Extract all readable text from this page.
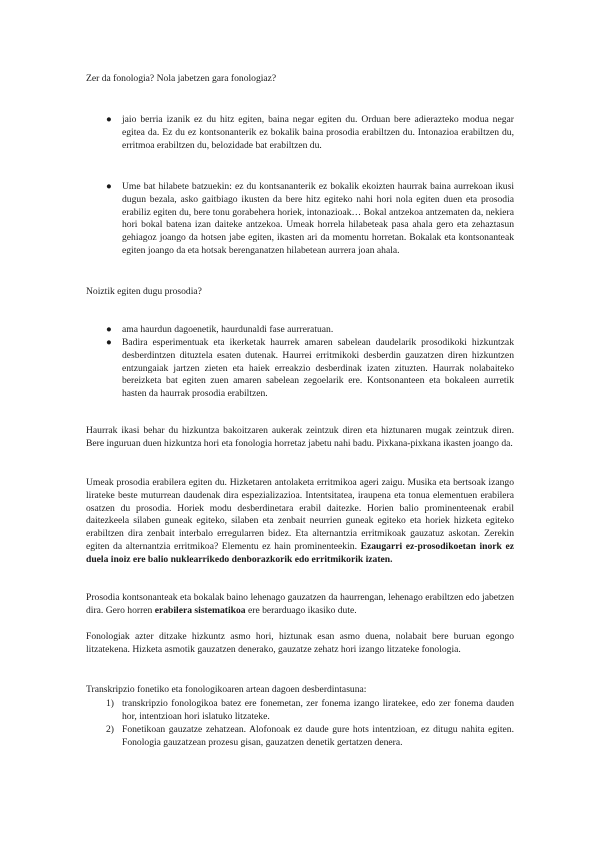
Zer da fonologia? Nola jabetzen gara fonologiaz?

● jaio berria izanik ez du hitz egiten, baina negar egiten du. Orduan bere adierazteko modua negar egitea da. Ez du ez kontsonanterik ez bokalik baina prosodia erabiltzen du. Intonazioa erabiltzen du, erritmoa erabiltzen du, belozidade bat erabiltzen du.

● Ume bat hilabete batzuekin: ez du kontsananterik ez bokalik ekoizten haurrak baina aurrekoan ikusi dugun bezala, asko gaitbiago ikusten da bere hitz egiteko nahi hori nola egiten duen eta prosodia erabiliz egiten du, bere tonu gorabehera horiek, intonazioak… Bokal antzekoa antzematen da, nekiera hori bokal batena izan daiteke antzekoa. Umeak horrela hilabeteak pasa ahala gero eta zehaztasun gehiagoz joango da hotsen jabe egiten, ikasten ari da momentu horretan. Bokalak eta kontsonanteak egiten joango da eta hotsak berenganatzen hilabetean aurrera joan ahala.

Noiztik egiten dugu prosodia?

● ama haurdun dagoenetik, haurdunaldi fase aurreratuan.

● Badira esperimentuak eta ikerketak haurrek amaren sabelean daudelarik prosodikoki hizkuntzak desberdintzen dituztela esaten dutenak. Haurrei erritmikoki desberdin gauzatzen diren hizkuntzen entzungaiak jartzen zieten eta haiek erreakzio desberdinak izaten zituzten. Haurrak nolabaiteko bereizketa bat egiten zuen amaren sabelean zegoelarik ere. Kontsonanteen eta bokaleen aurretik hasten da haurrak prosodia erabiltzen.

Haurrak ikasi behar du hizkuntza bakoitzaren aukerak zeintzuk diren eta hiztunaren mugak zeintzuk diren. Bere inguruan duen hizkuntza hori eta fonologia horretaz jabetu nahi badu. Pixkana-pixkana ikasten joango da.

Umeak prosodia erabilera egiten du. Hizketaren antolaketa erritmikoa ageri zaigu. Musika eta bertsoak izango lirateke beste muturrean daudenak dira espezializazioa. Intentsitatea, iraupena eta tonua elementuen erabilera osatzen du prosodia. Horiek modu desberdinetara erabil daitezke. Horien balio prominenteenak erabil daitezkeela silaben guneak egiteko, silaben eta zenbait neurrien guneak egiteko eta horiek hizketa egiteko erabiltzen dira zenbait interbalo erregularren bidez. Eta alternantzia erritmikoak gauzatuz askotan. Zerekin egiten da alternantzia erritmikoa? Elementu ez hain prominenteekin. Ezaugarri ez-prosodikoetan inork ez duela inoiz ere balio nuklearrikedo denborazkorik edo erritmikorik izaten.

Prosodia kontsonanteak eta bokalak baino lehenago gauzatzen da haurrengan, lehenago erabiltzen edo jabetzen dira. Gero horren erabilera sistematikoa ere berarduago ikasiko dute.

Fonologiak azter ditzake hizkuntz asmo hori, hiztunak esan asmo duena, nolabait bere buruan egongo litzatekena. Hizketa asmotik gauzatzen denerako, gauzatze zehatz hori izango litzateke fonologia.

Transkripzio fonetiko eta fonologikoaren artean dagoen desberdintasuna:

1) transkripzio fonologikoa batez ere fonemetan, zer fonema izango liratekee, edo zer fonema dauden hor, intentzioan hori islatuko litzateke.

2) Fonetikoan gauzatze zehatzean. Alofonoak ez daude gure hots intentzioan, ez ditugu nahita egiten. Fonologia gauzatzean prozesu gisan, gauzatzen denetik gertatzen denera.
